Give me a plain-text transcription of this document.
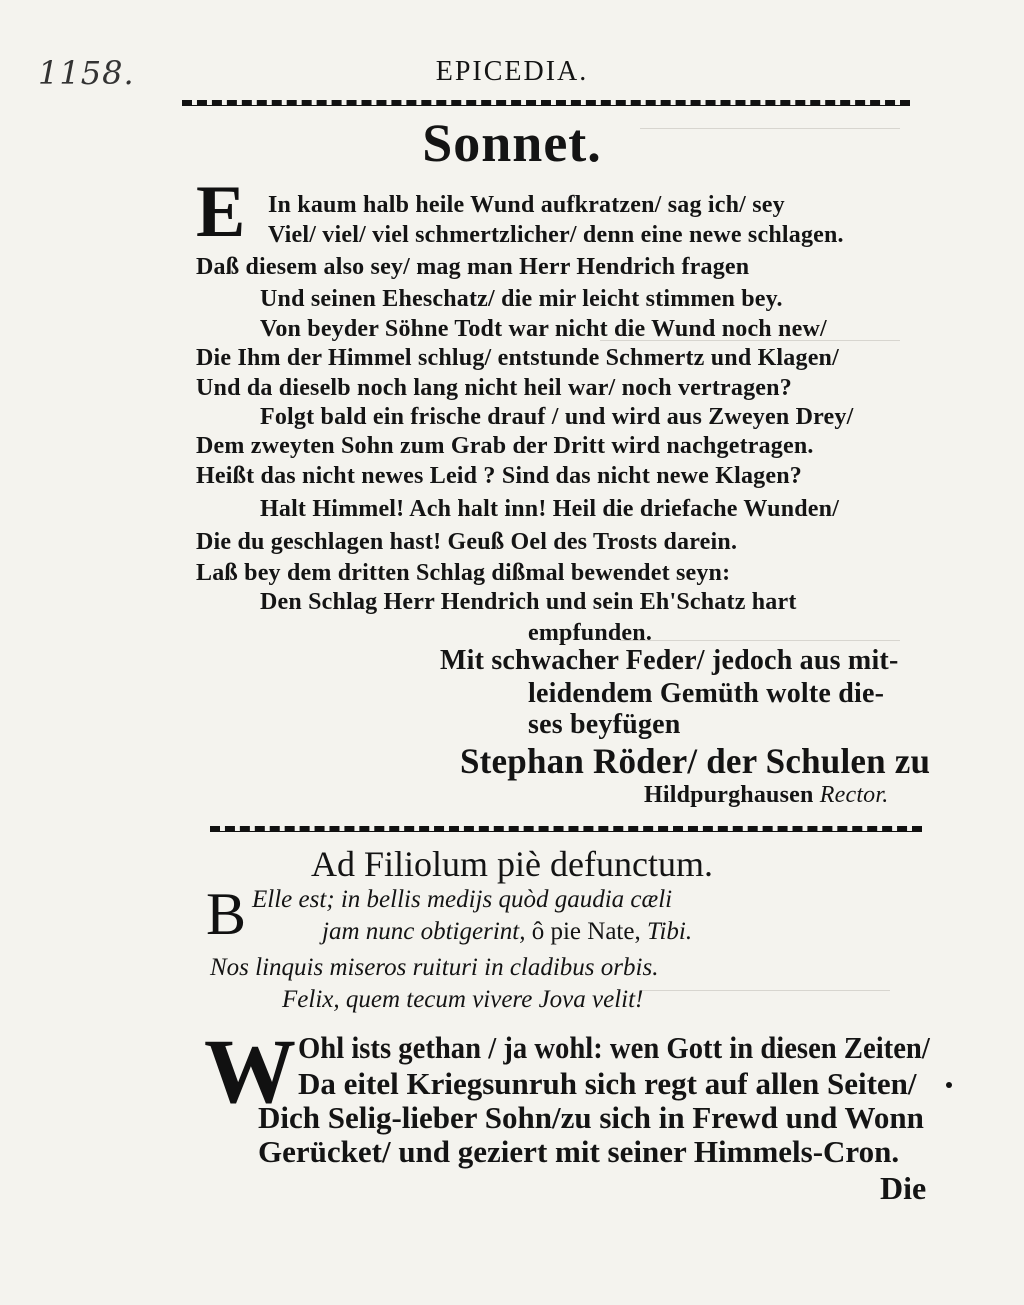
1158.	EPICEDIA.
Sonnet.
E In kaum halb heile Wund aufkratzen/ sag ich/ sey
Viel/ viel/ viel schmertzlicher/ denn eine newe schlagen.
Daß diesem also sey/ mag man Herr Hendrich fragen
Und seinen Eheschatz/ die mir leicht stimmen bey.
Von beyder Söhne Todt war nicht die Wund noch new/
Die Ihm der Himmel schlug/ entstunde Schmertz und Klagen/
Und da dieselb noch lang nicht heil war/ noch vertragen?
Folgt bald ein frische drauf / und wird aus Zweyen Drey/
Dem zweyten Sohn zum Grab der Dritt wird nachgetragen.
Heißt das nicht newes Leid ? Sind das nicht newe Klagen?
Halt Himmel! Ach halt inn! Heil die driefache Wunden/
Die du geschlagen hast! Geuß Oel des Trosts darein.
Laß bey dem dritten Schlag dißmal bewendet seyn:
Den Schlag Herr Hendrich und sein Eh'Schatz hart
empfunden.
Mit schwacher Feder/ jedoch aus mit-
leidendem Gemüth wolte die-
ses beyfügen
Stephan Röder/ der Schulen zu
Hildpurghausen Rector.
Ad Filiolum piè defunctum.
B Elle est; in bellis medijs quòd gaudia cæli
jam nunc obtigerint, ô pie Nate, Tibi.
Nos linquis miseros ruituri in cladibus orbis.
Felix, quem tecum vivere Jova velit!
W Ohl ists gethan / ja wohl: wen Gott in diesen Zeiten/
Da eitel Kriegsunruh sich regt auf allen Seiten/
Dich Selig-lieber Sohn/zu sich in Frewd und Wonn
Gerücket/ und geziert mit seiner Himmels-Cron.
Die
